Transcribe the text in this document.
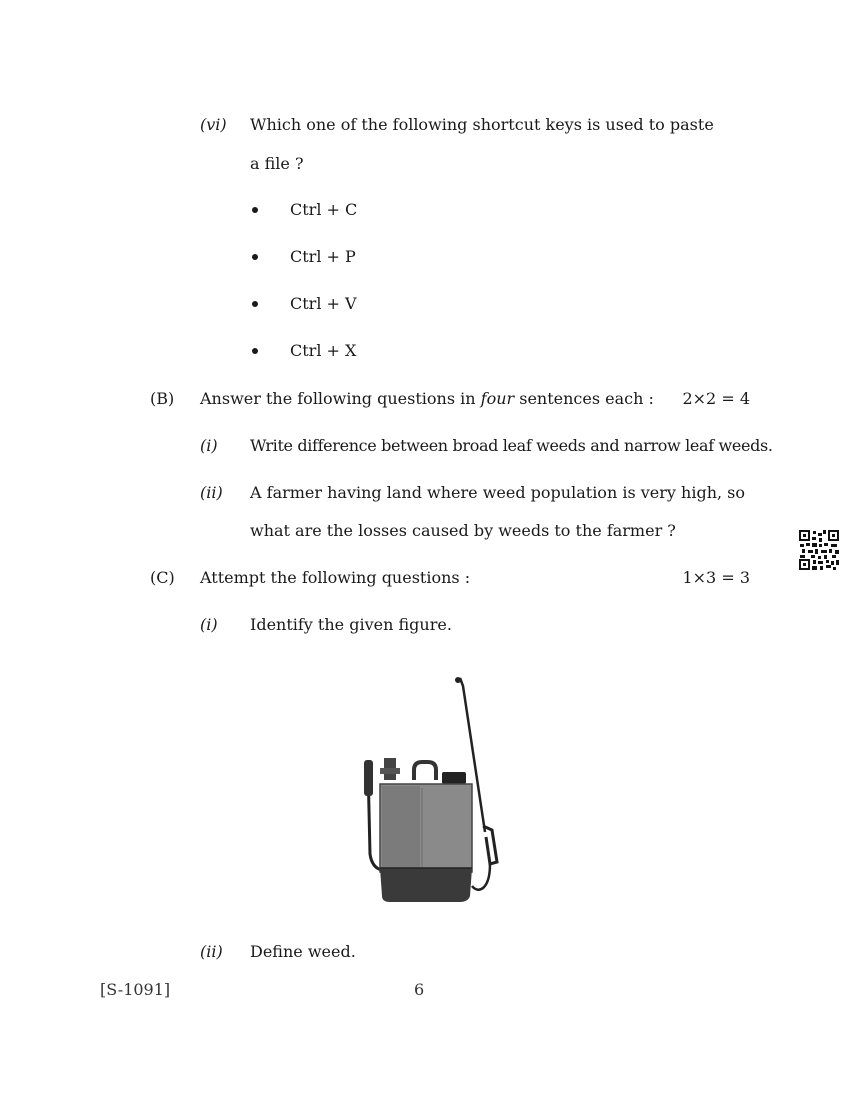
(vi) Which one of the following shortcut keys is used to paste
a file ?
Ctrl + C
Ctrl + P
Ctrl + V
Ctrl + X
(B) Answer the following questions in four sentences each : 2×2 = 4
(i) Write difference between broad leaf weeds and narrow leaf weeds.
(ii) A farmer having land where weed population is very high, so
what are the losses caused by weeds to the farmer ?
(C) Attempt the following questions :	1×3 = 3
(i) Identify the given figure.
(ii) Define weed.
[S-1091]	6
